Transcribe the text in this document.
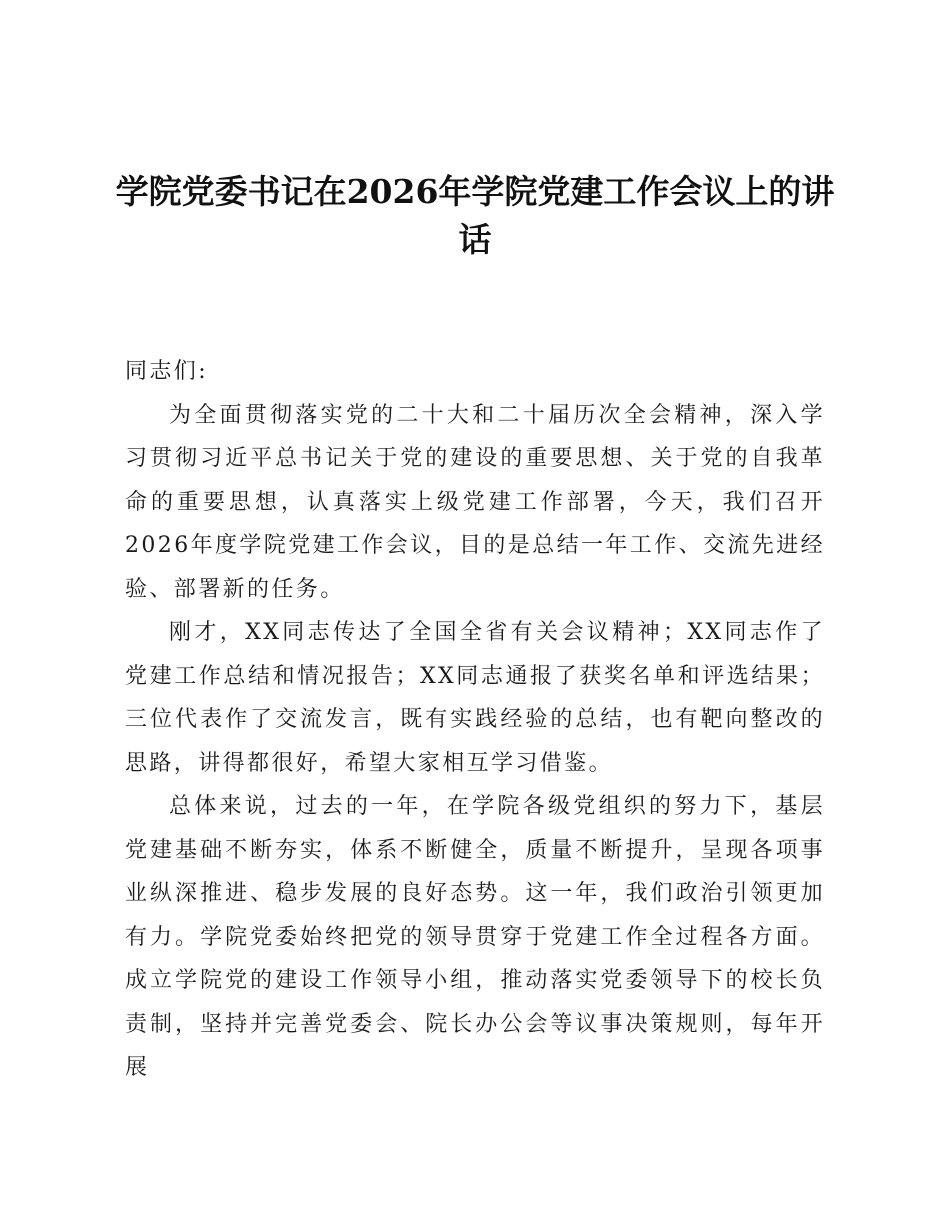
学院党委书记在2026年学院党建工作会议上的讲话

同志们:

为全面贯彻落实党的二十大和二十届历次全会精神，深入学习贯彻习近平总书记关于党的建设的重要思想、关于党的自我革命的重要思想，认真落实上级党建工作部署，今天，我们召开2026年度学院党建工作会议，目的是总结一年工作、交流先进经验、部署新的任务。

刚才，XX同志传达了全国全省有关会议精神；XX同志作了党建工作总结和情况报告；XX同志通报了获奖名单和评选结果；三位代表作了交流发言，既有实践经验的总结，也有靶向整改的思路，讲得都很好，希望大家相互学习借鉴。

总体来说，过去的一年，在学院各级党组织的努力下，基层党建基础不断夯实，体系不断健全，质量不断提升，呈现各项事业纵深推进、稳步发展的良好态势。这一年，我们政治引领更加有力。学院党委始终把党的领导贯穿于党建工作全过程各方面。成立学院党的建设工作领导小组，推动落实党委领导下的校长负责制，坚持并完善党委会、院长办公会等议事决策规则，每年开展
